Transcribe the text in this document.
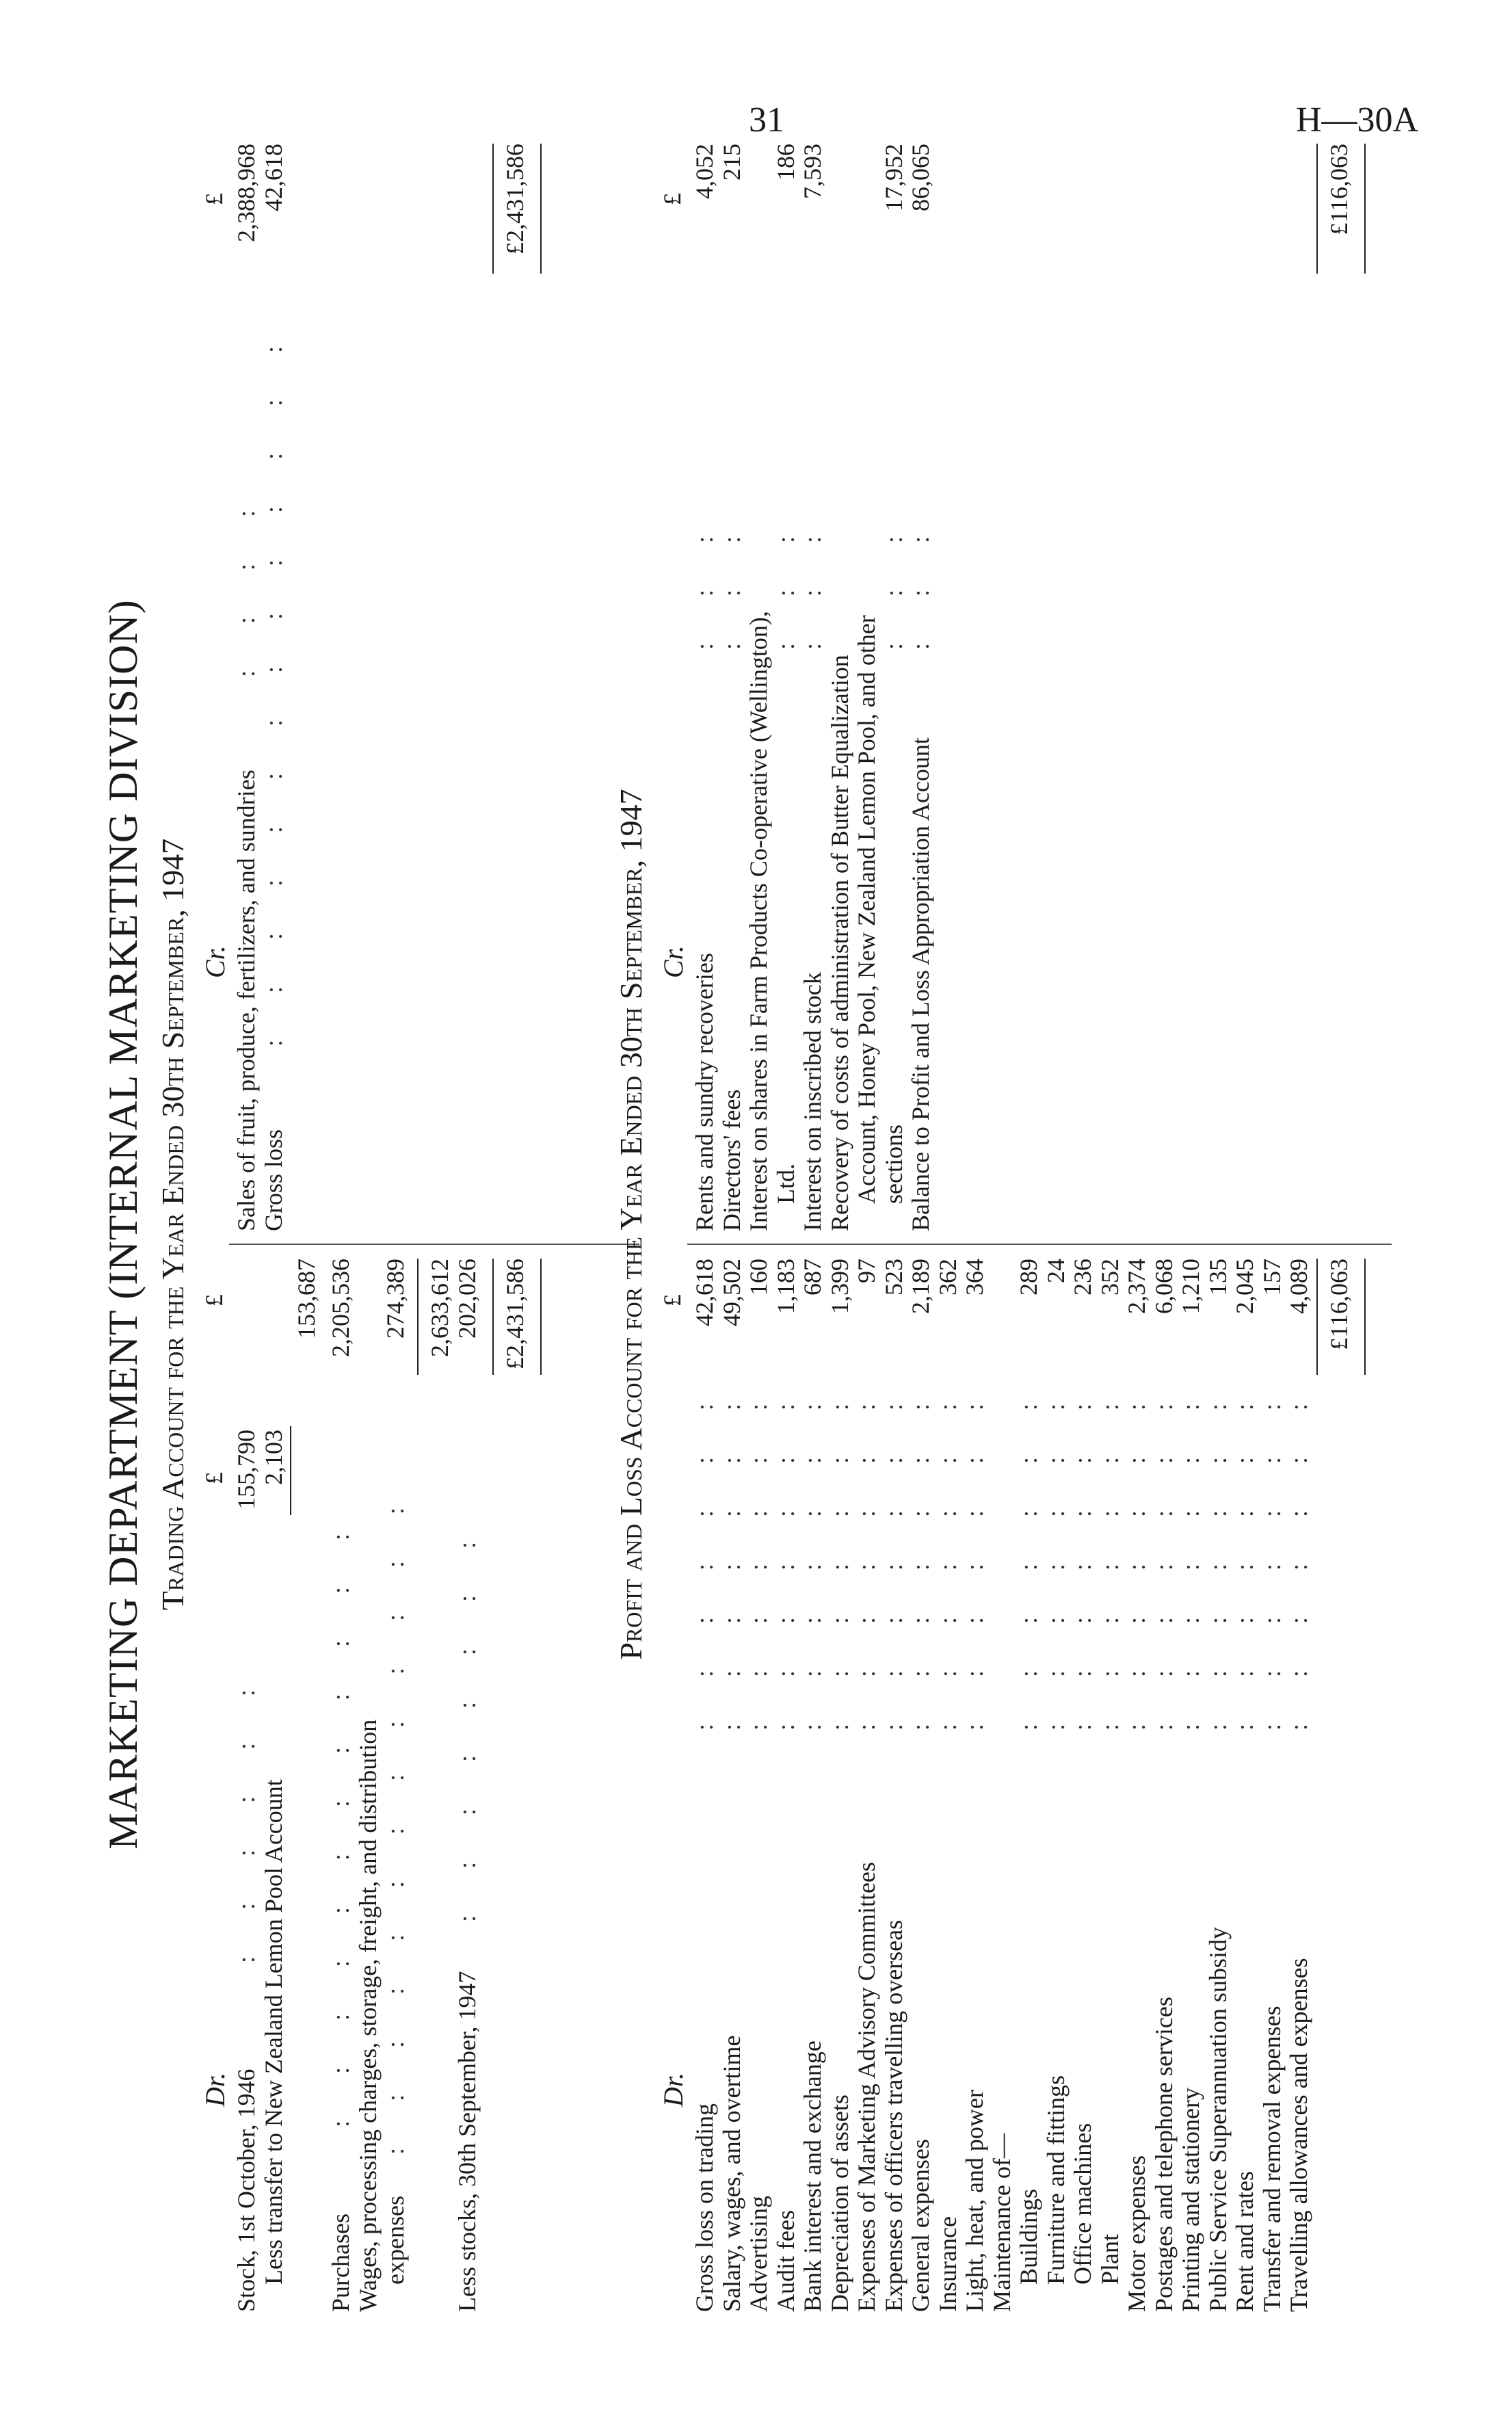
31	H—30A
MARKETING DEPARTMENT (INTERNAL MARKETING DIVISION) Trading Account for the Year Ended 30th September, 1947
Dr.
£
£
Cr.
£
Stock, 1st October, 1946
:      :      :      :      :      :
155,790
Less transfer to New Zealand Lemon Pool Account
2,103
153,687
Purchases
:      :      :      :      :      :      :      :      :      :      :      :
2,205,536
Wages, processing charges, storage, freight, and distribution expenses
:      :      :      :      :      :      :      :      :      :      :      :      :
274,389 2,633,612
Less stocks, 30th September, 1947
:      :      :      :      :      :      :      :
202,026 £2,431,586
Sales of fruit, produce, fertilizers, and sundries
:      :      :      :
2,388,968
Gross loss
:      :      :      :      :      :      :      :      :      :      :      :      :      :
42,618	£2,431,586
Profit and Loss Account for the Year Ended 30th September, 1947
Dr.
£
Cr.
£
Gross loss on trading
:      :      :      :      :      :      :
42,618
Salary, wages, and overtime
:      :      :      :      :      :      :
49,502
Advertising
:      :      :      :      :      :      :
160
Audit fees
:      :      :      :      :      :      :
1,183
Bank interest and exchange
:      :      :      :      :      :      :
687
Depreciation of assets
:      :      :      :      :      :      :
1,399
Expenses of Marketing Advisory Committees
:      :      :      :      :      :      :
97
Expenses of officers travelling overseas
:      :      :      :      :      :      :
523
General expenses
:      :      :      :      :      :      :
2,189
Insurance
:      :      :      :      :      :      :
362
Light, heat, and power
:      :      :      :      :      :      :
364
Maintenance of— Buildings
:      :      :      :      :      :      :
289
Furniture and fittings
:      :      :      :      :      :      :
24
Office machines
:      :      :      :      :      :      :
236
Plant
:      :      :      :      :      :      :
352
Motor expenses
:      :      :      :      :      :      :
2,374
Postages and telephone services
:      :      :      :      :      :      :
6,068
Printing and stationery
:      :      :      :      :      :      :
1,210
Public Service Superannuation subsidy
:      :      :      :      :      :      :
135
Rent and rates
:      :      :      :      :      :      :
2,045
Transfer and removal expenses
:      :      :      :      :      :      :
157
Travelling allowances and expenses
:      :      :      :      :      :      :
4,089
Rents and sundry recoveries
:      :      :
4,052
Directors' fees
:      :      :
215
Interest on shares in Farm Products Co-operative (Wellington), Ltd.
:      :      :
186
Interest on inscribed stock
:      :      :
7,593
Recovery of costs of administration of Butter Equalization Account, Honey Pool, New Zealand Lemon Pool, and other sections
:      :      :
17,952
Balance to Profit and Loss Appropriation Account
:      :      :
86,065
£116,063
£116,063
